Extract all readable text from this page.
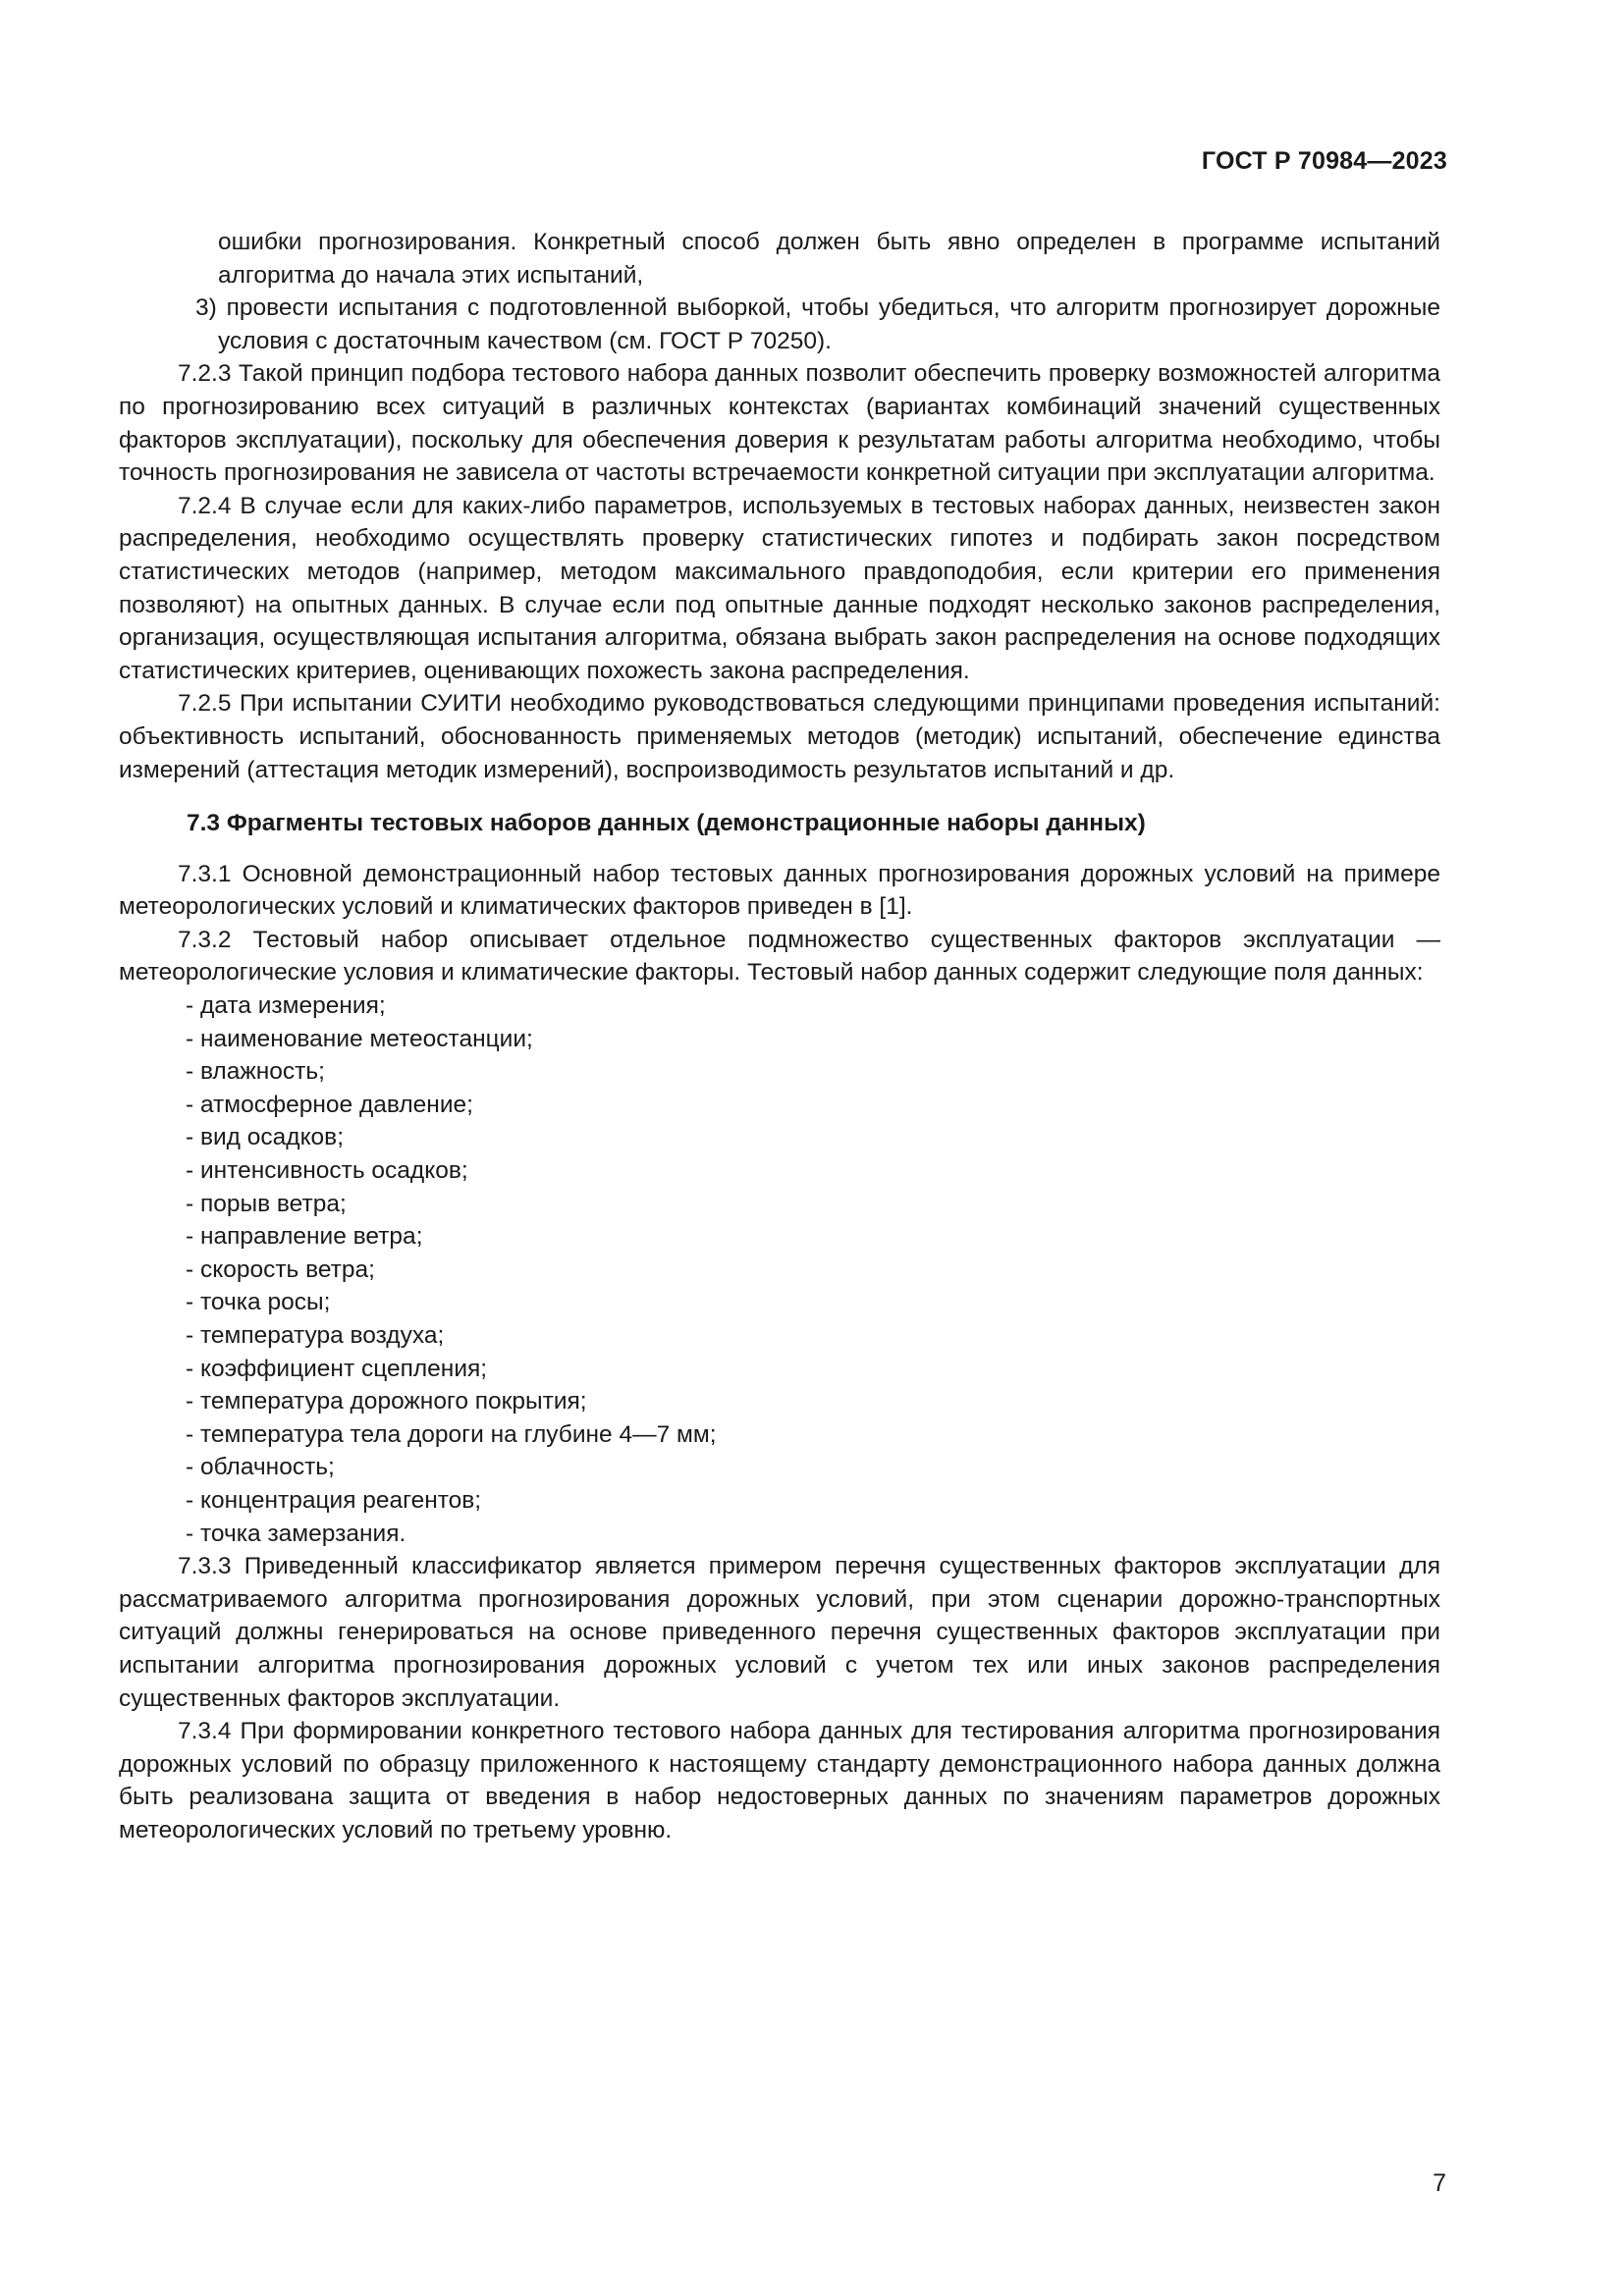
ГОСТ Р 70984—2023

ошибки прогнозирования. Конкретный способ должен быть явно определен в программе испытаний алгоритма до начала этих испытаний,

3) провести испытания с подготовленной выборкой, чтобы убедиться, что алгоритм прогнозирует дорожные условия с достаточным качеством (см. ГОСТ Р 70250).

7.2.3 Такой принцип подбора тестового набора данных позволит обеспечить проверку возможностей алгоритма по прогнозированию всех ситуаций в различных контекстах (вариантах комбинаций значений существенных факторов эксплуатации), поскольку для обеспечения доверия к результатам работы алгоритма необходимо, чтобы точность прогнозирования не зависела от частоты встречаемости конкретной ситуации при эксплуатации алгоритма.

7.2.4 В случае если для каких-либо параметров, используемых в тестовых наборах данных, неизвестен закон распределения, необходимо осуществлять проверку статистических гипотез и подбирать закон посредством статистических методов (например, методом максимального правдоподобия, если критерии его применения позволяют) на опытных данных. В случае если под опытные данные подходят несколько законов распределения, организация, осуществляющая испытания алгоритма, обязана выбрать закон распределения на основе подходящих статистических критериев, оценивающих похожесть закона распределения.

7.2.5 При испытании СУИТИ необходимо руководствоваться следующими принципами проведения испытаний: объективность испытаний, обоснованность применяемых методов (методик) испытаний, обеспечение единства измерений (аттестация методик измерений), воспроизводимость результатов испытаний и др.

7.3 Фрагменты тестовых наборов данных (демонстрационные наборы данных)

7.3.1 Основной демонстрационный набор тестовых данных прогнозирования дорожных условий на примере метеорологических условий и климатических факторов приведен в [1].

7.3.2 Тестовый набор описывает отдельное подмножество существенных факторов эксплуатации — метеорологические условия и климатические факторы. Тестовый набор данных содержит следующие поля данных:

- дата измерения;
- наименование метеостанции;
- влажность;
- атмосферное давление;
- вид осадков;
- интенсивность осадков;
- порыв ветра;
- направление ветра;
- скорость ветра;
- точка росы;
- температура воздуха;
- коэффициент сцепления;
- температура дорожного покрытия;
- температура тела дороги на глубине 4—7 мм;
- облачность;
- концентрация реагентов;
- точка замерзания.

7.3.3 Приведенный классификатор является примером перечня существенных факторов эксплуатации для рассматриваемого алгоритма прогнозирования дорожных условий, при этом сценарии дорожно-транспортных ситуаций должны генерироваться на основе приведенного перечня существенных факторов эксплуатации при испытании алгоритма прогнозирования дорожных условий с учетом тех или иных законов распределения существенных факторов эксплуатации.

7.3.4 При формировании конкретного тестового набора данных для тестирования алгоритма прогнозирования дорожных условий по образцу приложенного к настоящему стандарту демонстрационного набора данных должна быть реализована защита от введения в набор недостоверных данных по значениям параметров дорожных метеорологических условий по третьему уровню.

7
